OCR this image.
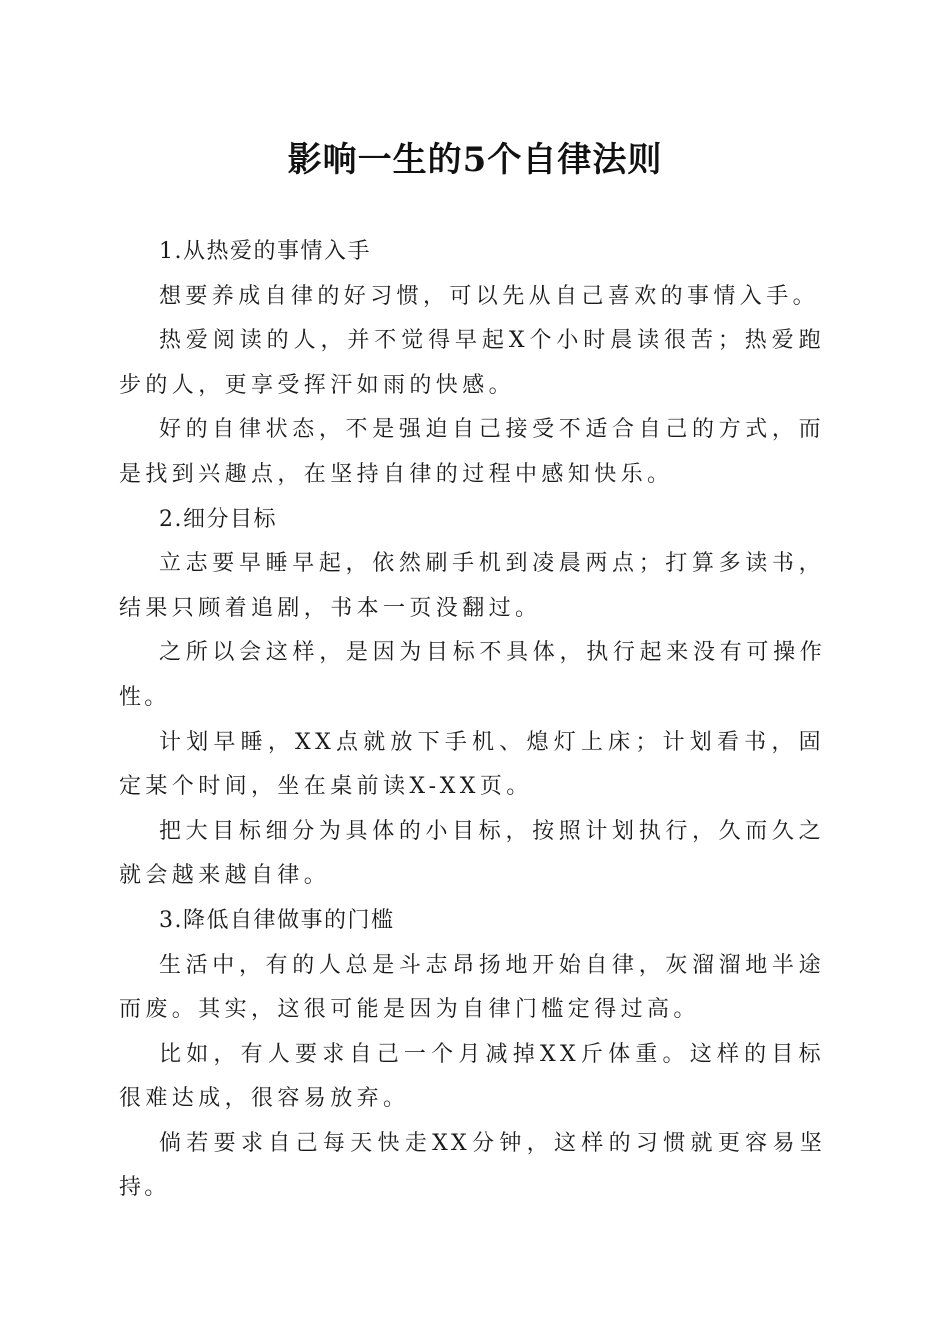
影响一生的5个自律法则

1.从热爱的事情入手

想要养成自律的好习惯，可以先从自己喜欢的事情入手。

热爱阅读的人，并不觉得早起X个小时晨读很苦；热爱跑步的人，更享受挥汗如雨的快感。

好的自律状态，不是强迫自己接受不适合自己的方式，而是找到兴趣点，在坚持自律的过程中感知快乐。

2.细分目标

立志要早睡早起，依然刷手机到凌晨两点；打算多读书，结果只顾着追剧，书本一页没翻过。

之所以会这样，是因为目标不具体，执行起来没有可操作性。

计划早睡，XX点就放下手机、熄灯上床；计划看书，固定某个时间，坐在桌前读X-XX页。

把大目标细分为具体的小目标，按照计划执行，久而久之就会越来越自律。

3.降低自律做事的门槛

生活中，有的人总是斗志昂扬地开始自律，灰溜溜地半途而废。其实，这很可能是因为自律门槛定得过高。

比如，有人要求自己一个月减掉XX斤体重。这样的目标很难达成，很容易放弃。

倘若要求自己每天快走XX分钟，这样的习惯就更容易坚持。
